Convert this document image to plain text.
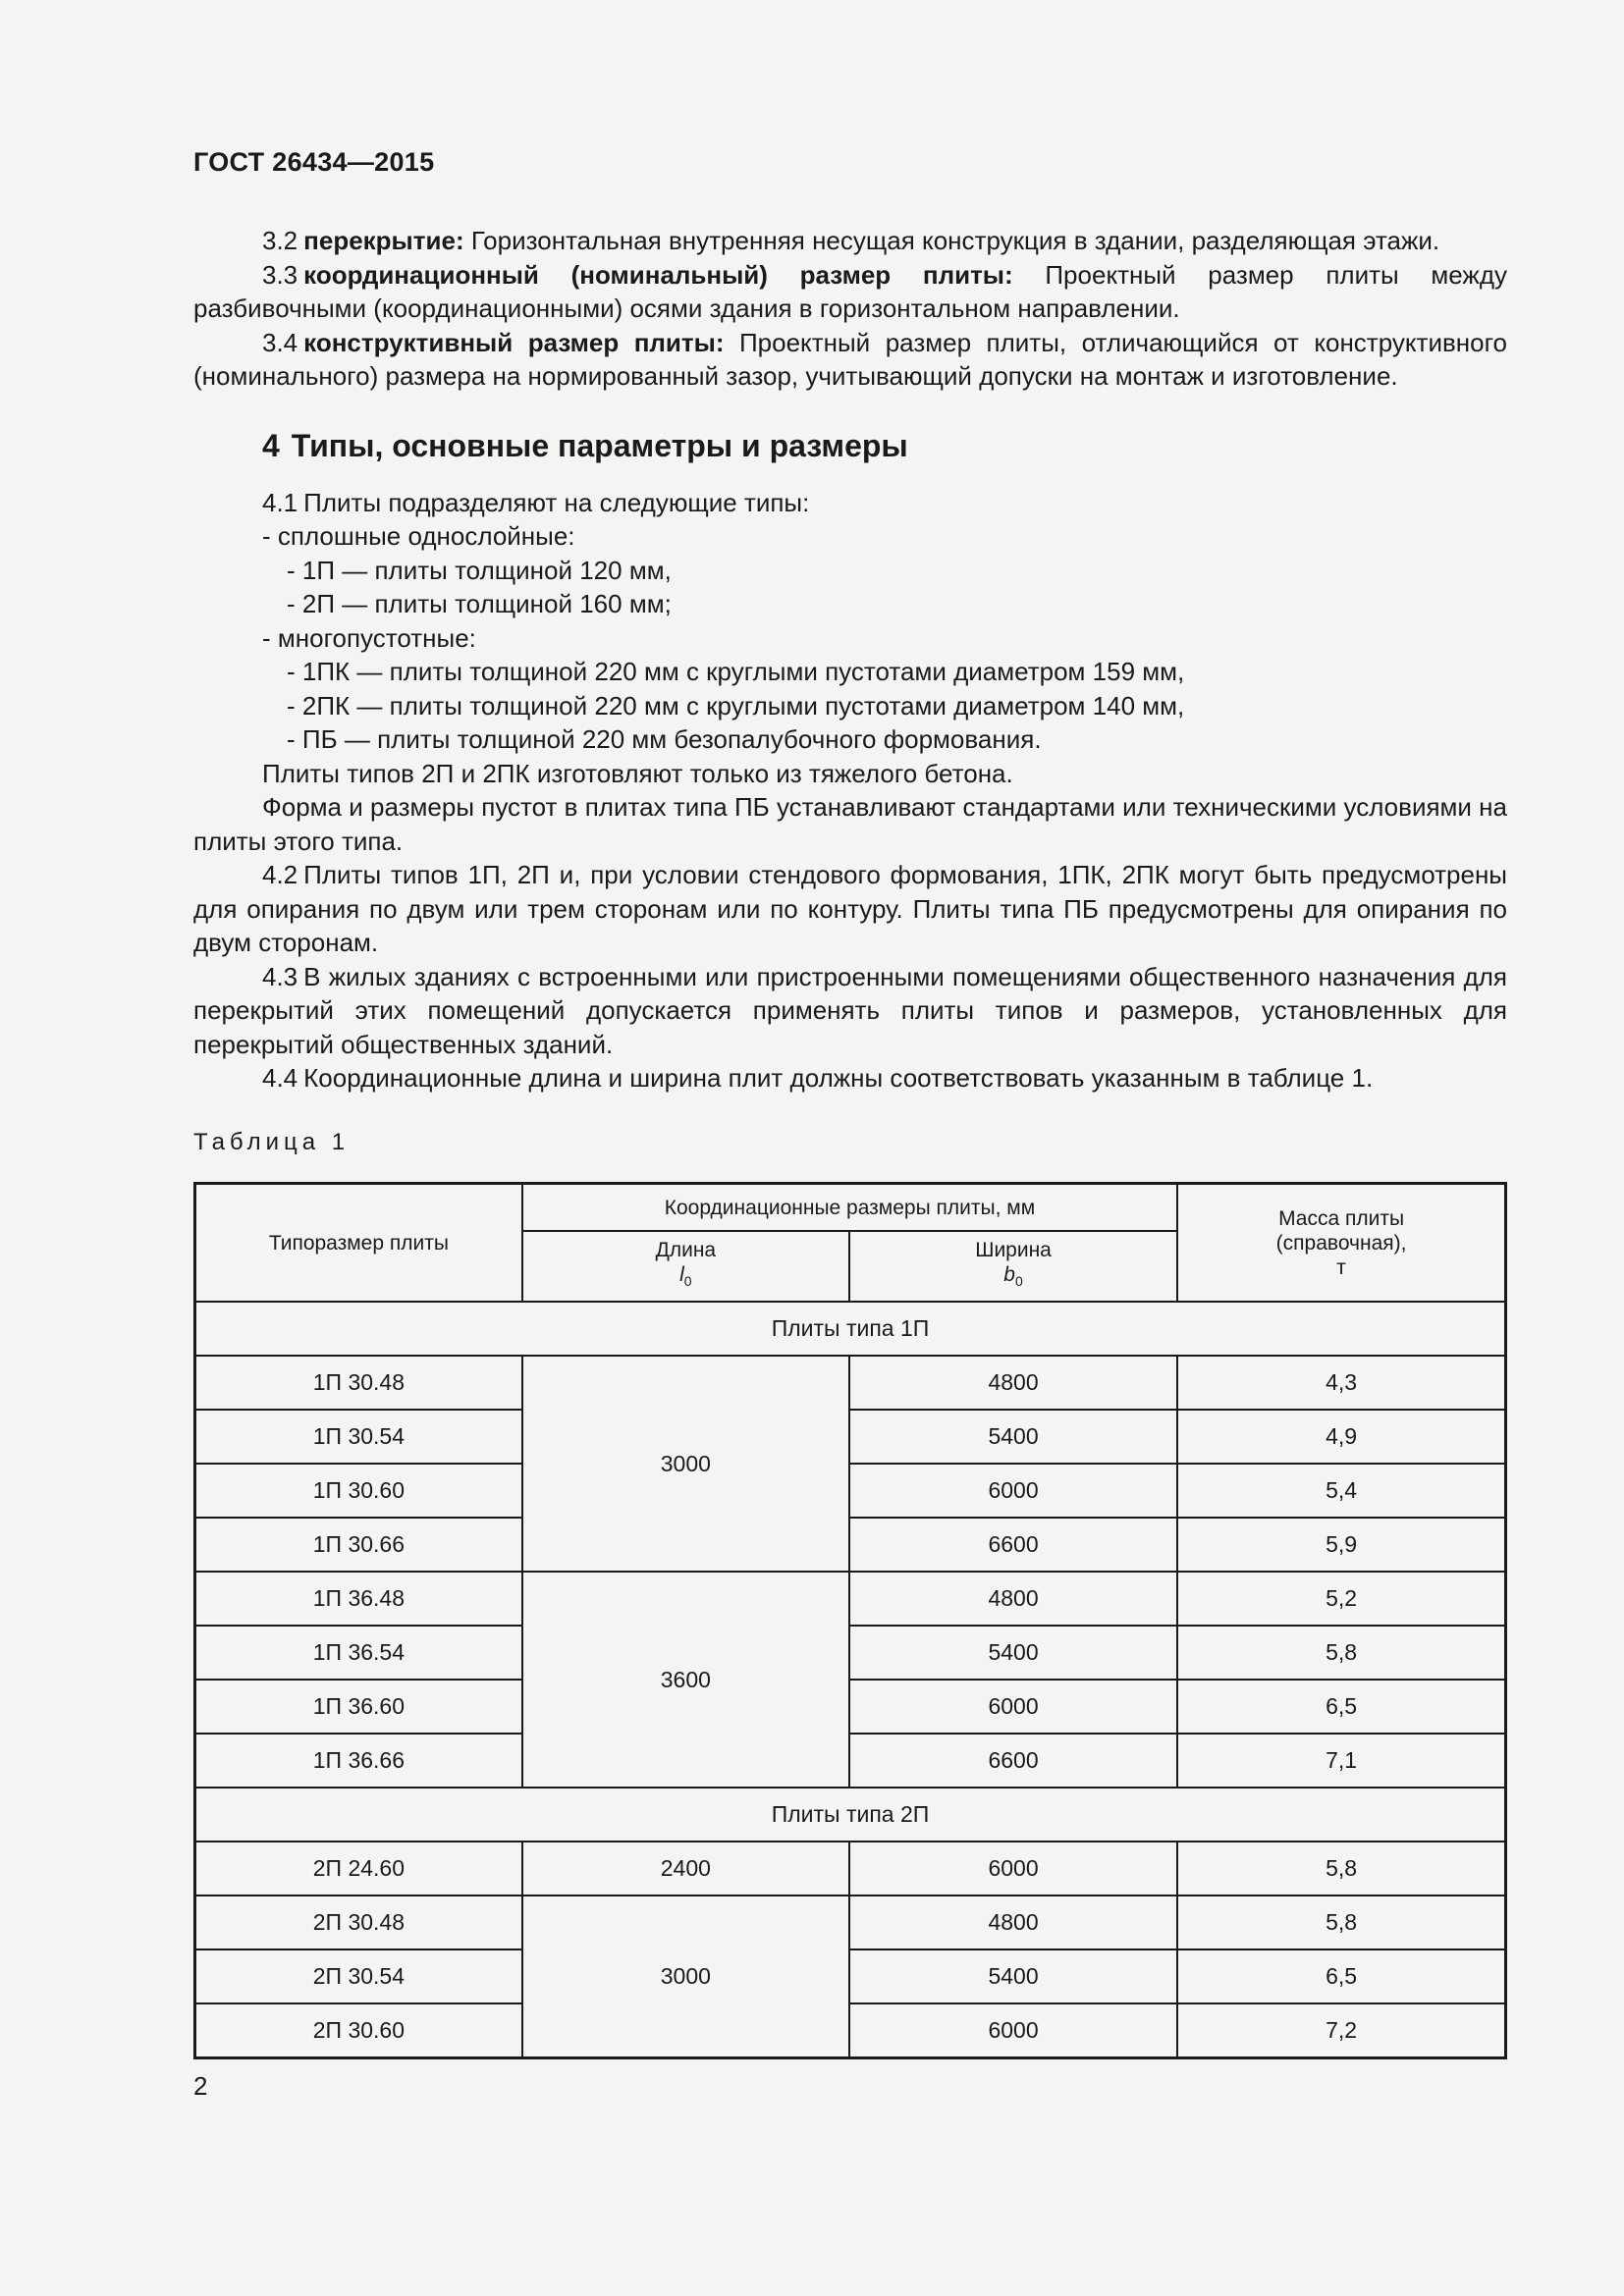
ГОСТ 26434—2015

3.2 перекрытие: Горизонтальная внутренняя несущая конструкция в здании, разделяющая этажи.

3.3 координационный (номинальный) размер плиты: Проектный размер плиты между разбивочными (координационными) осями здания в горизонтальном направлении.

3.4 конструктивный размер плиты: Проектный размер плиты, отличающийся от конструктивного (номинального) размера на нормированный зазор, учитывающий допуски на монтаж и изготовление.

4 Типы, основные параметры и размеры

4.1 Плиты подразделяют на следующие типы:

- сплошные однослойные:

- 1П — плиты толщиной 120 мм,

- 2П — плиты толщиной 160 мм;

- многопустотные:

- 1ПК — плиты толщиной 220 мм с круглыми пустотами диаметром 159 мм,

- 2ПК — плиты толщиной 220 мм с круглыми пустотами диаметром 140 мм,

- ПБ — плиты толщиной 220 мм безопалубочного формования.

Плиты типов 2П и 2ПК изготовляют только из тяжелого бетона.

Форма и размеры пустот в плитах типа ПБ устанавливают стандартами или техническими условиями на плиты этого типа.

4.2 Плиты типов 1П, 2П и, при условии стендового формования, 1ПК, 2ПК могут быть предусмотрены для опирания по двум или трем сторонам или по контуру. Плиты типа ПБ предусмотрены для опирания по двум сторонам.

4.3 В жилых зданиях с встроенными или пристроенными помещениями общественного назначения для перекрытий этих помещений допускается применять плиты типов и размеров, установленных для перекрытий общественных зданий.

4.4 Координационные длина и ширина плит должны соответствовать указанным в таблице 1.

Таблица 1
Типоразмер плиты	Координационные размеры плиты, мм		Масса плиты
(справочная),
т
	Длина
$l_0$	Ширина
$b_0$
Плиты типа 1П			
1П 30.48	3000	4800	4,3
1П 30.54		5400	4,9
1П 30.60		6000	5,4
1П 30.66		6600	5,9
1П 36.48	3600	4800	5,2
1П 36.54		5400	5,8
1П 36.60		6000	6,5
1П 36.66		6600	7,1
Плиты типа 2П			
2П 24.60	2400	6000	5,8
2П 30.48	3000	4800	5,8
2П 30.54		5400	6,5
2П 30.60		6000	7,2
2
